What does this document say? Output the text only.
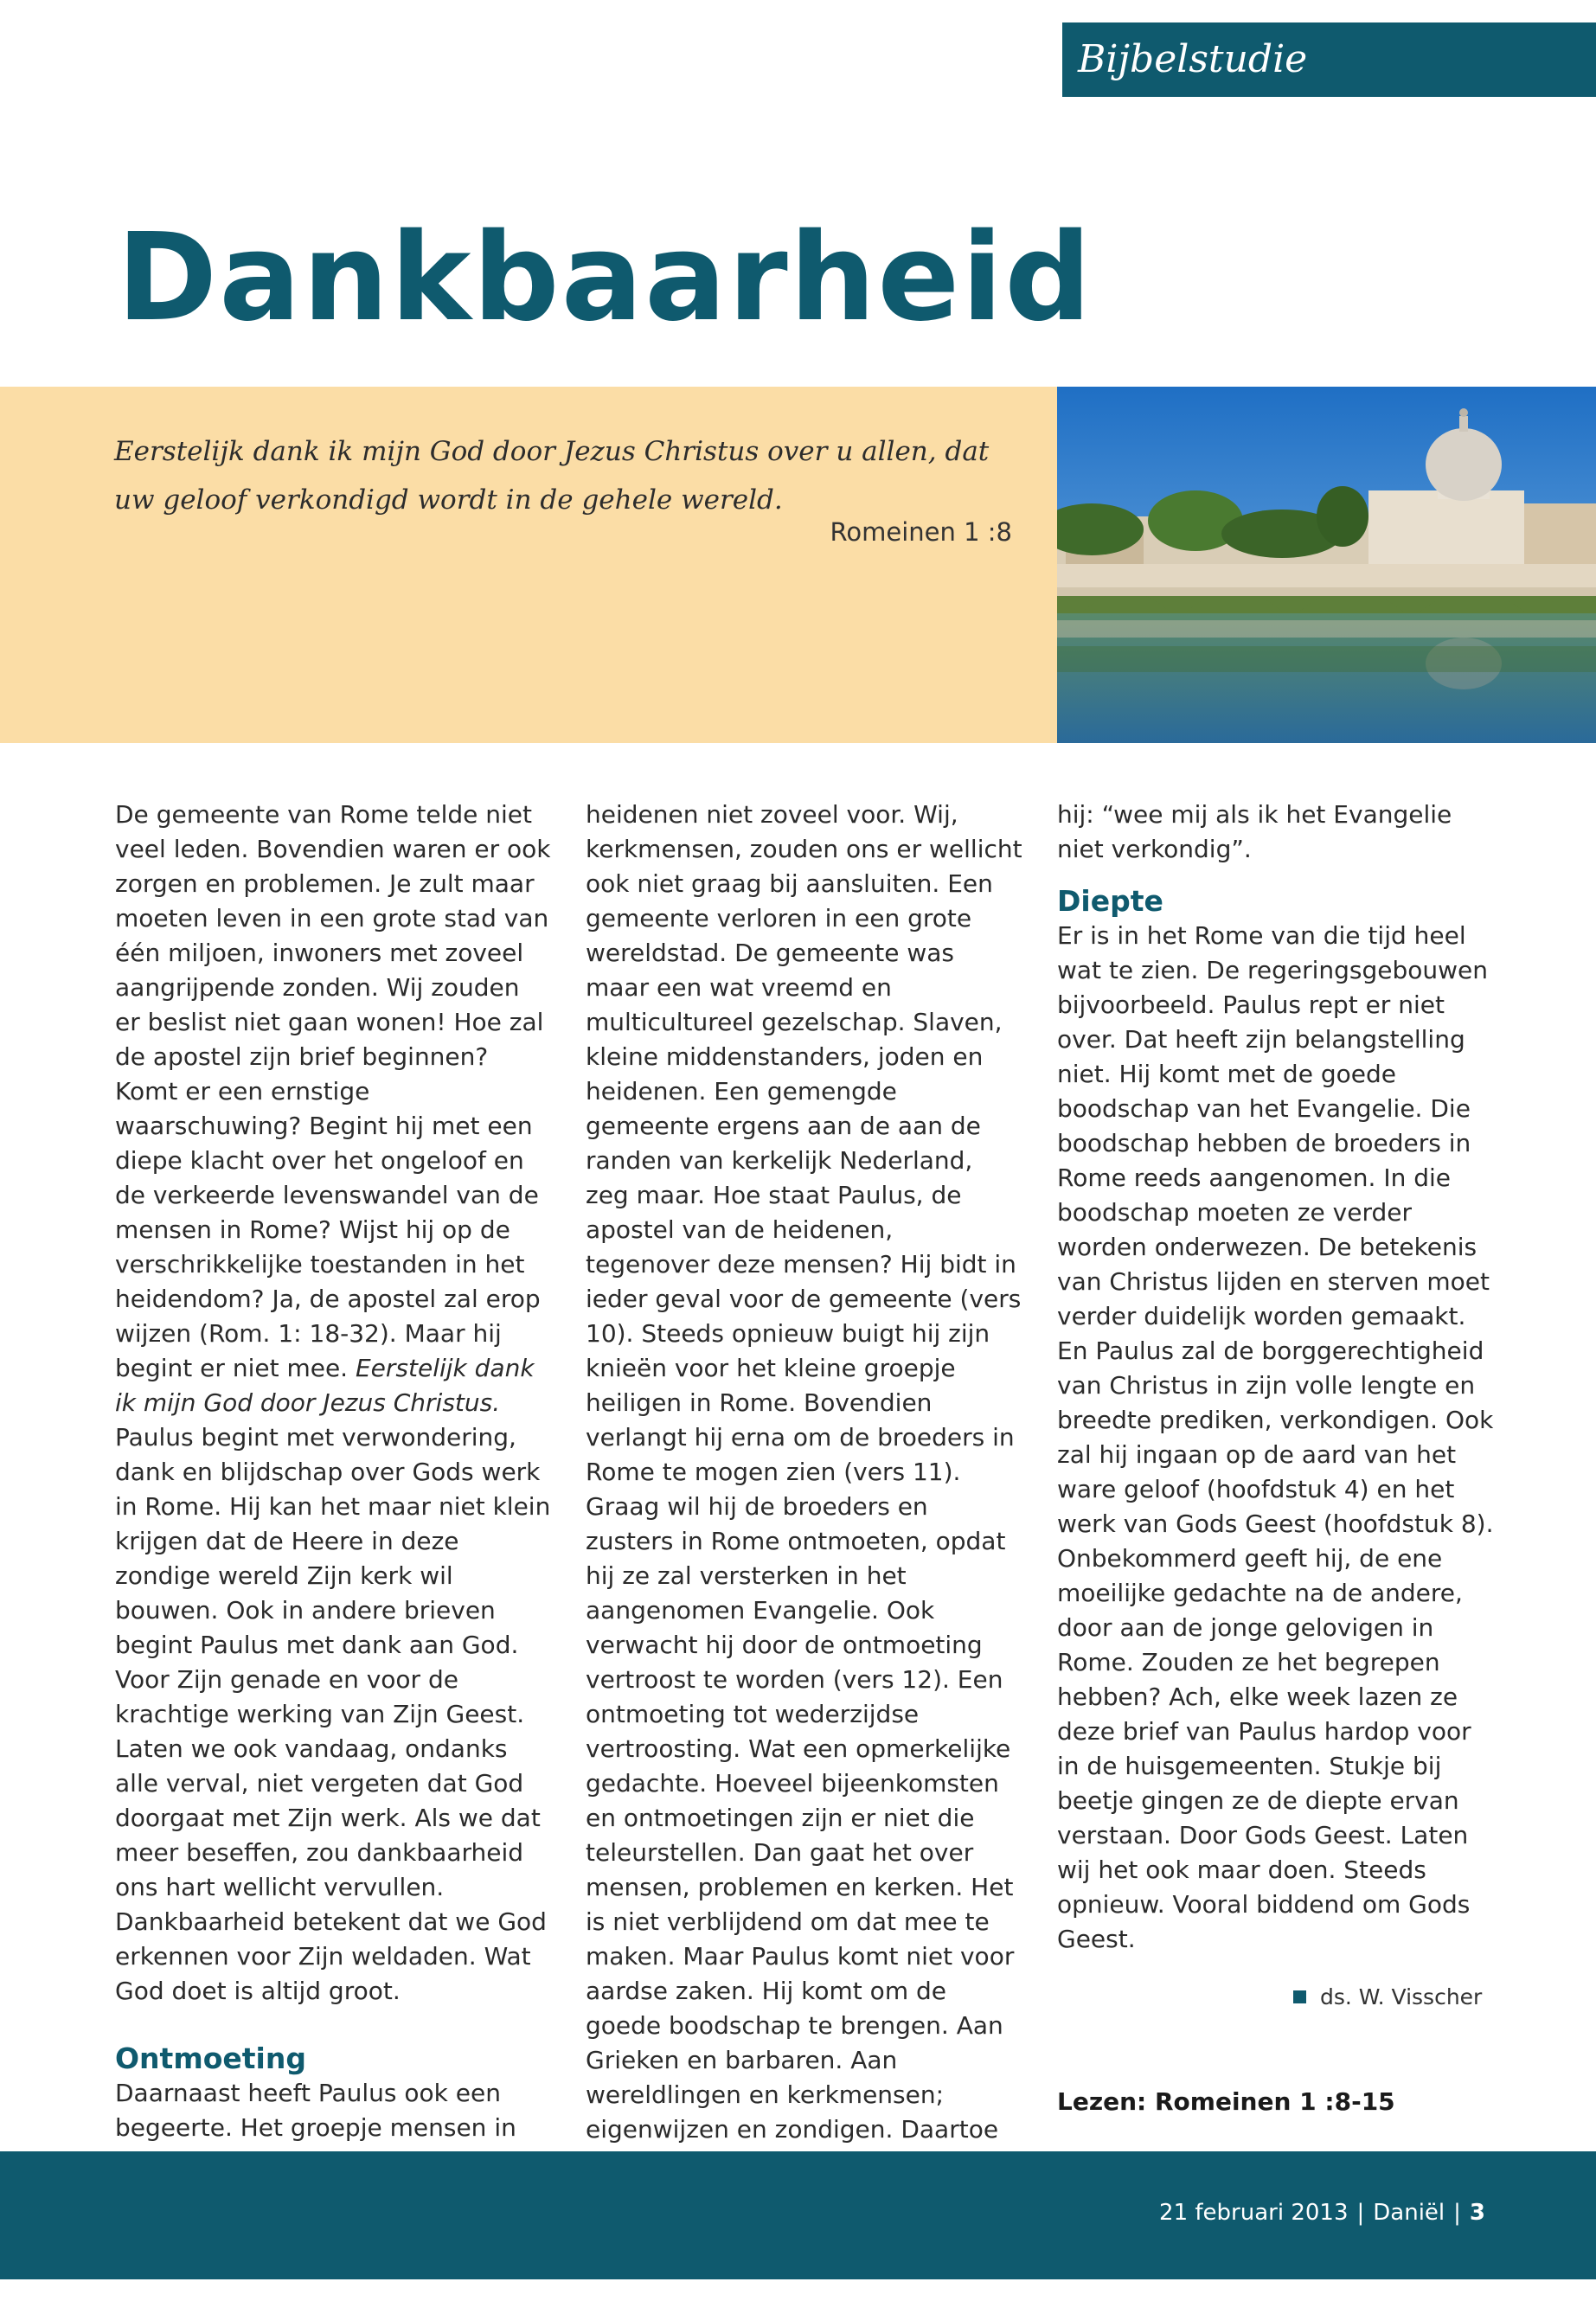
Bijbelstudie
Dankbaarheid

Eerstelijk dank ik mijn God door Jezus Christus over u allen, dat uw geloof verkondigd wordt in de gehele wereld.

Romeinen 1 :8

De gemeente van Rome telde niet veel leden. Bovendien waren er ook zorgen en problemen. Je zult maar moeten leven in een grote stad van één miljoen, inwoners met zoveel aangrijpende zonden. Wij zouden er beslist niet gaan wonen! Hoe zal de apostel zijn brief beginnen? Komt er een ernstige waarschuwing? Begint hij met een diepe klacht over het ongeloof en de verkeerde levenswandel van de mensen in Rome? Wijst hij op de verschrikkelijke toestanden in het heidendom? Ja, de apostel zal erop wijzen (Rom. 1: 18-32). Maar hij begint er niet mee. Eerstelijk dank ik mijn God door Jezus Christus. Paulus begint met verwondering, dank en blijdschap over Gods werk in Rome. Hij kan het maar niet klein krijgen dat de Heere in deze zondige wereld Zijn kerk wil bouwen. Ook in andere brieven begint Paulus met dank aan God. Voor Zijn genade en voor de krachtige werking van Zijn Geest. Laten we ook vandaag, ondanks alle verval, niet vergeten dat God doorgaat met Zijn werk. Als we dat meer beseffen, zou dankbaarheid ons hart wellicht vervullen. Dankbaarheid betekent dat we God erkennen voor Zijn weldaden. Wat God doet is altijd groot.

Ontmoeting

Daarnaast heeft Paulus ook een begeerte. Het groepje mensen in

heidenen niet zoveel voor. Wij, kerkmensen, zouden ons er wellicht ook niet graag bij aansluiten. Een gemeente verloren in een grote wereldstad. De gemeente was maar een wat vreemd en multicultureel gezelschap. Slaven, kleine middenstanders, joden en heidenen. Een gemengde gemeente ergens aan de aan de randen van kerkelijk Nederland, zeg maar. Hoe staat Paulus, de apostel van de heidenen, tegenover deze mensen? Hij bidt in ieder geval voor de gemeente (vers 10). Steeds opnieuw buigt hij zijn knieën voor het kleine groepje heiligen in Rome. Bovendien verlangt hij erna om de broeders in Rome te mogen zien (vers 11). Graag wil hij de broeders en zusters in Rome ontmoeten, opdat hij ze zal versterken in het aangenomen Evangelie. Ook verwacht hij door de ontmoeting vertroost te worden (vers 12). Een ontmoeting tot wederzijdse vertroosting. Wat een opmerkelijke gedachte. Hoeveel bijeenkomsten en ontmoetingen zijn er niet die teleurstellen. Dan gaat het over mensen, problemen en kerken. Het is niet verblijdend om dat mee te maken. Maar Paulus komt niet voor aardse zaken. Hij komt om de goede boodschap te brengen. Aan Grieken en barbaren. Aan wereldlingen en kerkmensen; eigenwijzen en zondigen. Daartoe

hij: “wee mij als ik het Evangelie niet verkondig”.

Diepte

Er is in het Rome van die tijd heel wat te zien. De regeringsgebouwen bijvoorbeeld. Paulus rept er niet over. Dat heeft zijn belangstelling niet. Hij komt met de goede boodschap van het Evangelie. Die boodschap hebben de broeders in Rome reeds aangenomen. In die boodschap moeten ze verder worden onderwezen. De betekenis van Christus lijden en sterven moet verder duidelijk worden gemaakt. En Paulus zal de borggerechtigheid van Christus in zijn volle lengte en breedte prediken, verkondigen. Ook zal hij ingaan op de aard van het ware geloof (hoofdstuk 4) en het werk van Gods Geest (hoofdstuk 8). Onbekommerd geeft hij, de ene moeilijke gedachte na de andere, door aan de jonge gelovigen in Rome. Zouden ze het begrepen hebben? Ach, elke week lazen ze deze brief van Paulus hardop voor in de huisgemeenten. Stukje bij beetje gingen ze de diepte ervan verstaan. Door Gods Geest. Laten wij het ook maar doen. Steeds opnieuw. Vooral biddend om Gods Geest.

ds. W. Visscher
Lezen: Romeinen 1 :8-15
21 februari 2013 | Daniël | 3
